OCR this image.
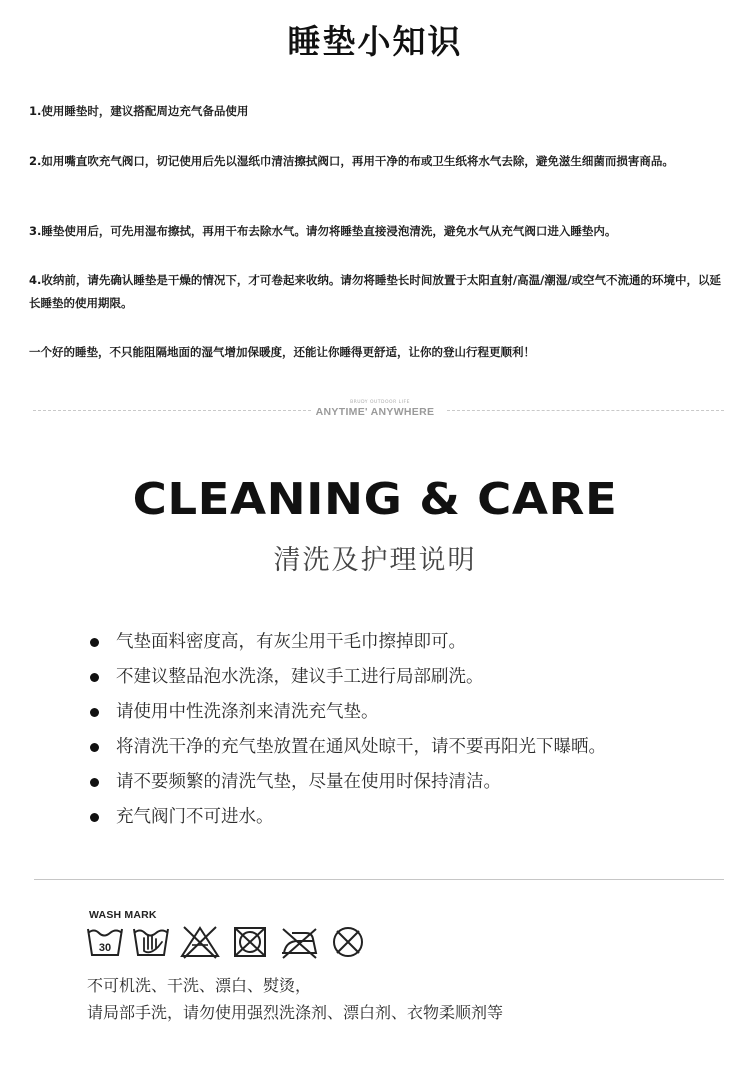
睡垫小知识
1.使用睡垫时，建议搭配周边充气备品使用
2.如用嘴直吹充气阀口，切记使用后先以湿纸巾清洁擦拭阀口，再用干净的布或卫生纸将水气去除，避免滋生细菌而损害商品。
3.睡垫使用后，可先用湿布擦拭，再用干布去除水气。请勿将睡垫直接浸泡清洗，避免水气从充气阀口进入睡垫内。
4.收纳前，请先确认睡垫是干燥的情况下，才可卷起来收纳。请勿将睡垫长时间放置于太阳直射/高温/潮湿/或空气不流通的环境中，以延长睡垫的使用期限。
一个好的睡垫，不只能阻隔地面的湿气增加保暖度，还能让你睡得更舒适，让你的登山行程更顺利！
BRUDY OUTDOOR LIFE
ANYTIME' ANYWHERE
CLEANING & CARE
清洗及护理说明
气垫面料密度高，有灰尘用干毛巾擦掉即可。
不建议整品泡水洗涤，建议手工进行局部刷洗。
请使用中性洗涤剂来清洗充气垫。
将清洗干净的充气垫放置在通风处晾干，请不要再阳光下曝晒。
请不要频繁的清洗气垫，尽量在使用时保持清洁。
充气阀门不可进水。
WASH MARK
30
不可机洗、干洗、漂白、熨烫，
请局部手洗，请勿使用强烈洗涤剂、漂白剂、衣物柔顺剂等
